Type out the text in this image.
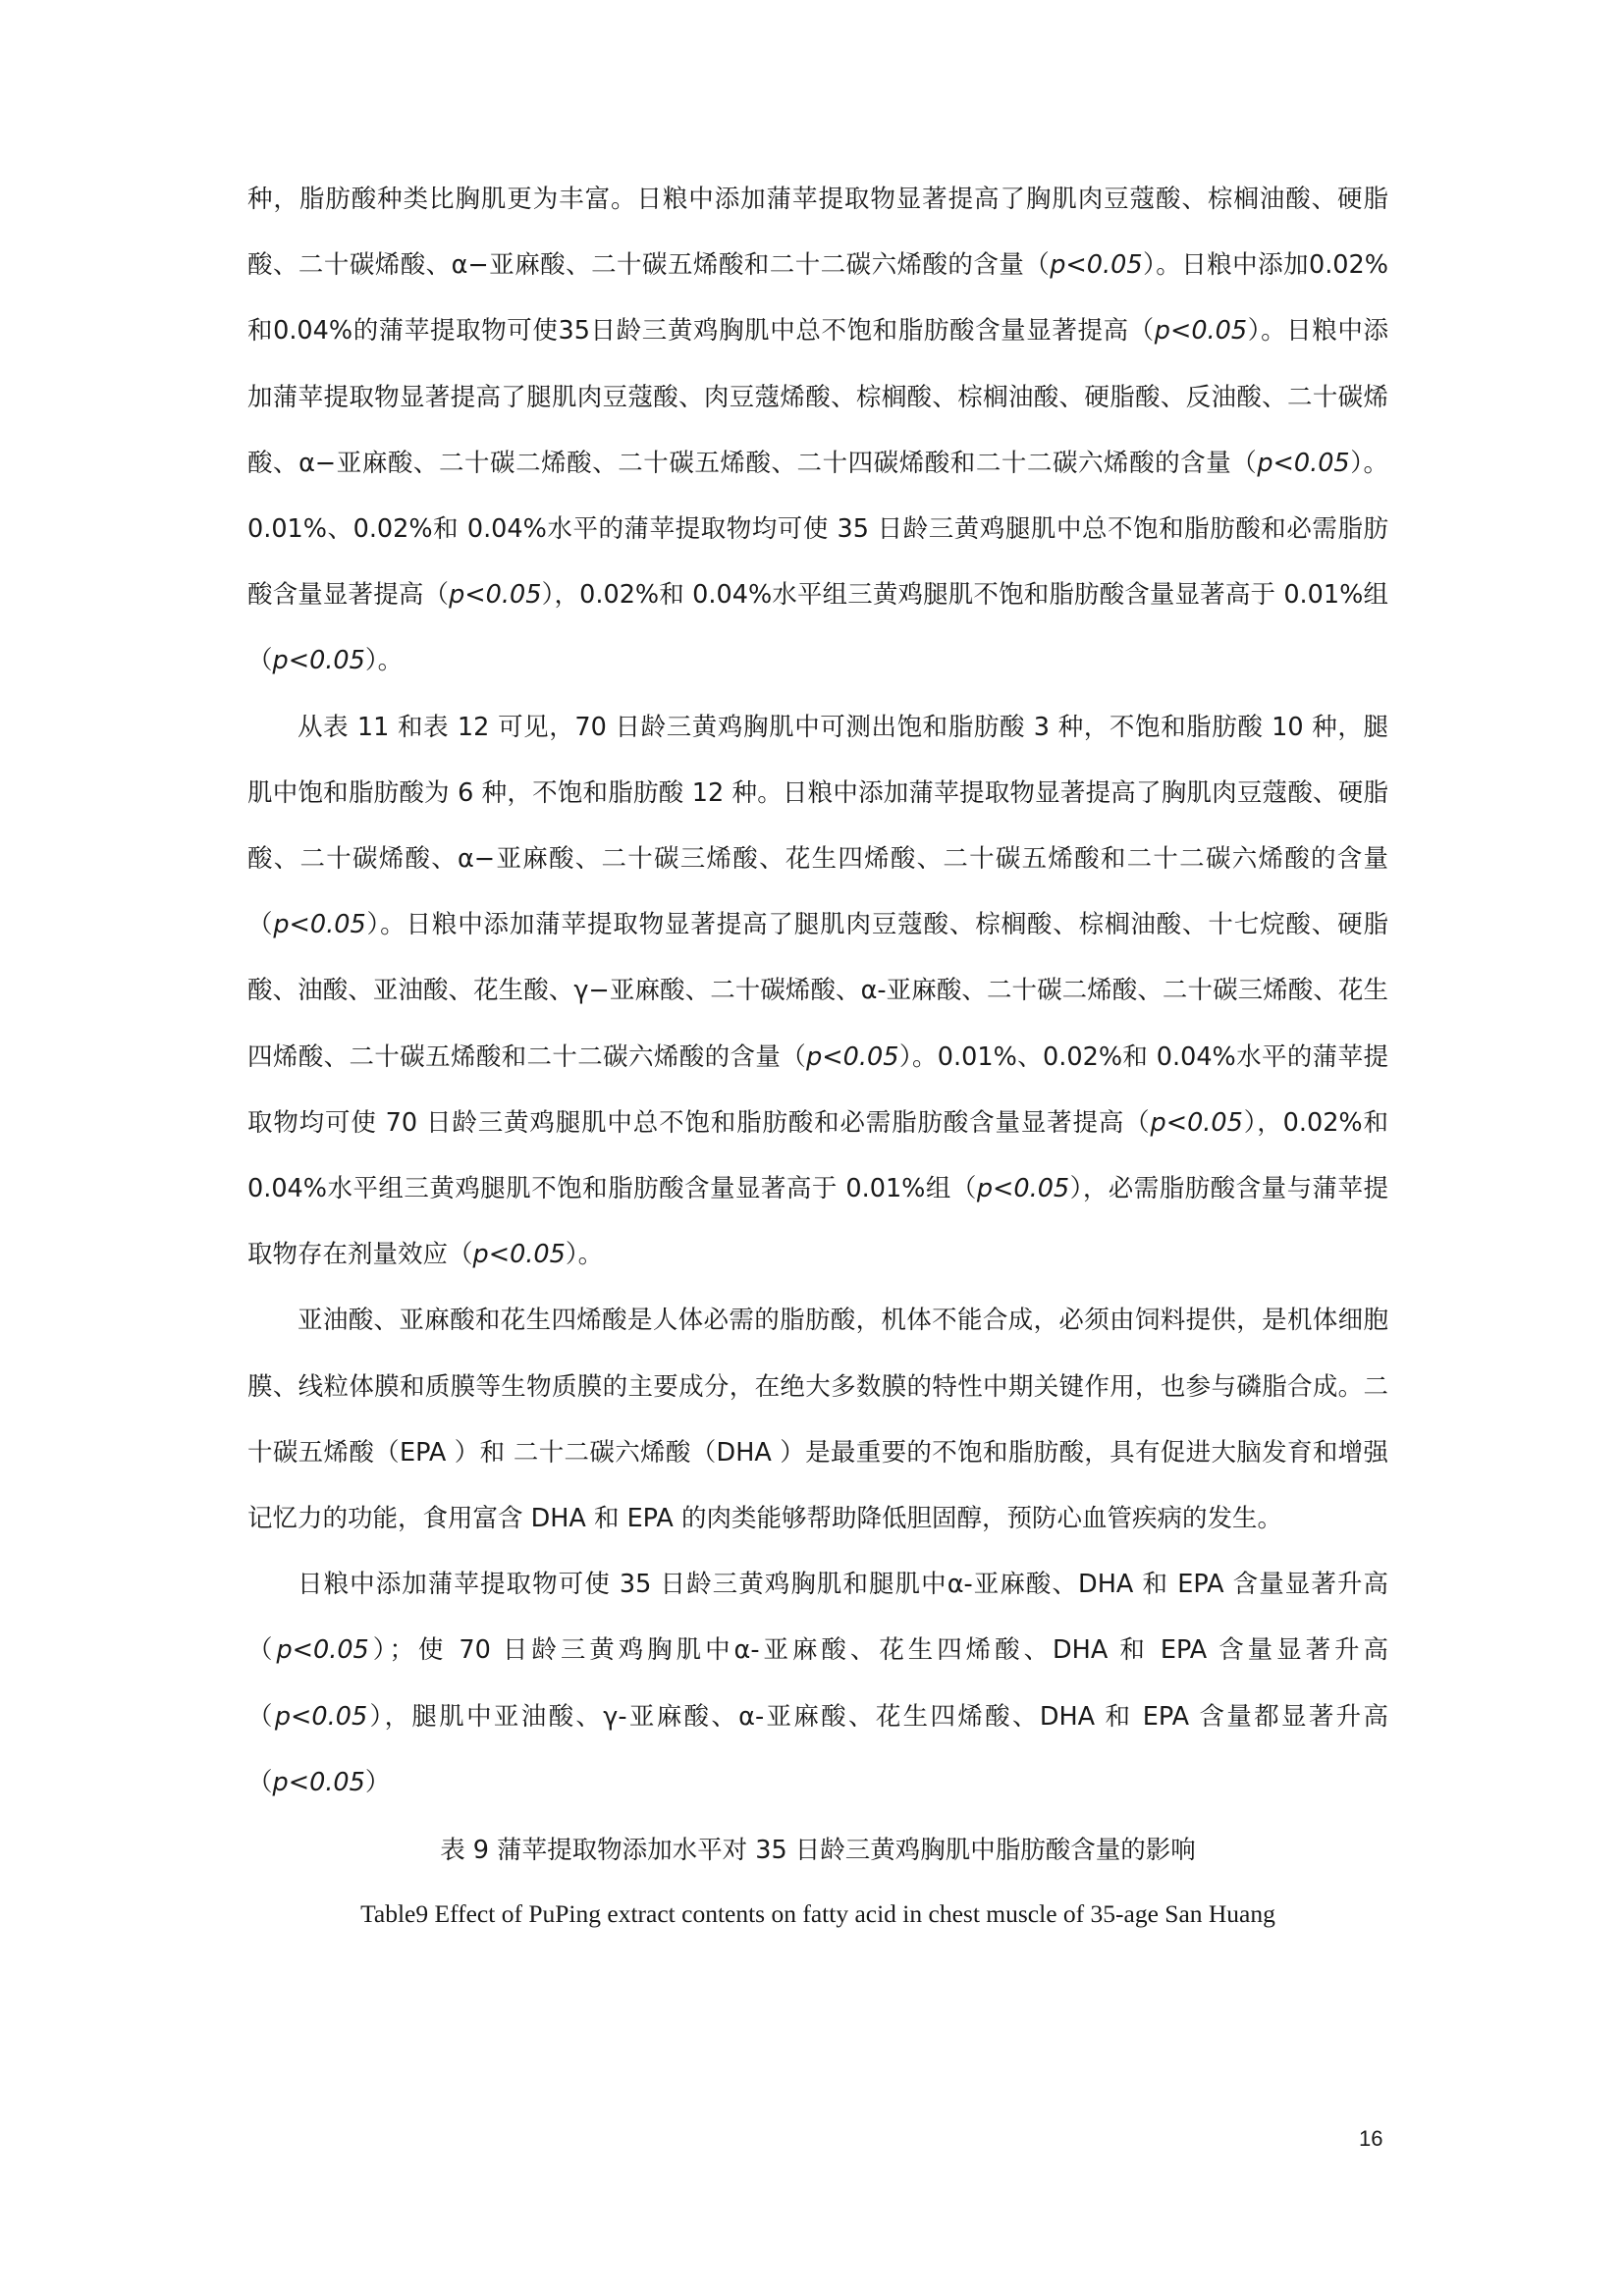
种，脂肪酸种类比胸肌更为丰富。日粮中添加蒲苹提取物显著提高了胸肌肉豆蔻酸、棕榈油酸、硬脂酸、二十碳烯酸、α−亚麻酸、二十碳五烯酸和二十二碳六烯酸的含量（p<0.05）。日粮中添加0.02%和0.04%的蒲苹提取物可使35日龄三黄鸡胸肌中总不饱和脂肪酸含量显著提高（p<0.05）。日粮中添加蒲苹提取物显著提高了腿肌肉豆蔻酸、肉豆蔻烯酸、棕榈酸、棕榈油酸、硬脂酸、反油酸、二十碳烯酸、α−亚麻酸、二十碳二烯酸、二十碳五烯酸、二十四碳烯酸和二十二碳六烯酸的含量（p<0.05）。0.01%、0.02%和 0.04%水平的蒲苹提取物均可使 35 日龄三黄鸡腿肌中总不饱和脂肪酸和必需脂肪酸含量显著提高（p<0.05），0.02%和 0.04%水平组三黄鸡腿肌不饱和脂肪酸含量显著高于 0.01%组（p<0.05）。

从表 11 和表 12 可见，70 日龄三黄鸡胸肌中可测出饱和脂肪酸 3 种，不饱和脂肪酸 10 种，腿肌中饱和脂肪酸为 6 种，不饱和脂肪酸 12 种。日粮中添加蒲苹提取物显著提高了胸肌肉豆蔻酸、硬脂酸、二十碳烯酸、α−亚麻酸、二十碳三烯酸、花生四烯酸、二十碳五烯酸和二十二碳六烯酸的含量（p<0.05）。日粮中添加蒲苹提取物显著提高了腿肌肉豆蔻酸、棕榈酸、棕榈油酸、十七烷酸、硬脂酸、油酸、亚油酸、花生酸、γ−亚麻酸、二十碳烯酸、α-亚麻酸、二十碳二烯酸、二十碳三烯酸、花生四烯酸、二十碳五烯酸和二十二碳六烯酸的含量（p<0.05）。0.01%、0.02%和 0.04%水平的蒲苹提取物均可使 70 日龄三黄鸡腿肌中总不饱和脂肪酸和必需脂肪酸含量显著提高（p<0.05），0.02%和 0.04%水平组三黄鸡腿肌不饱和脂肪酸含量显著高于 0.01%组（p<0.05），必需脂肪酸含量与蒲苹提取物存在剂量效应（p<0.05）。

亚油酸、亚麻酸和花生四烯酸是人体必需的脂肪酸，机体不能合成，必须由饲料提供，是机体细胞膜、线粒体膜和质膜等生物质膜的主要成分，在绝大多数膜的特性中期关键作用，也参与磷脂合成。二十碳五烯酸（EPA ）和 二十二碳六烯酸（DHA ）是最重要的不饱和脂肪酸，具有促进大脑发育和增强记忆力的功能，食用富含 DHA 和 EPA 的肉类能够帮助降低胆固醇，预防心血管疾病的发生。

日粮中添加蒲苹提取物可使 35 日龄三黄鸡胸肌和腿肌中α-亚麻酸、DHA 和 EPA 含量显著升高（p<0.05）；使 70 日龄三黄鸡胸肌中α-亚麻酸、花生四烯酸、DHA 和 EPA 含量显著升高（p<0.05），腿肌中亚油酸、γ-亚麻酸、α-亚麻酸、花生四烯酸、DHA 和 EPA 含量都显著升高（p<0.05）

表 9 蒲苹提取物添加水平对 35 日龄三黄鸡胸肌中脂肪酸含量的影响

Table9 Effect of PuPing extract contents on fatty acid in chest muscle of 35-age San Huang

16
